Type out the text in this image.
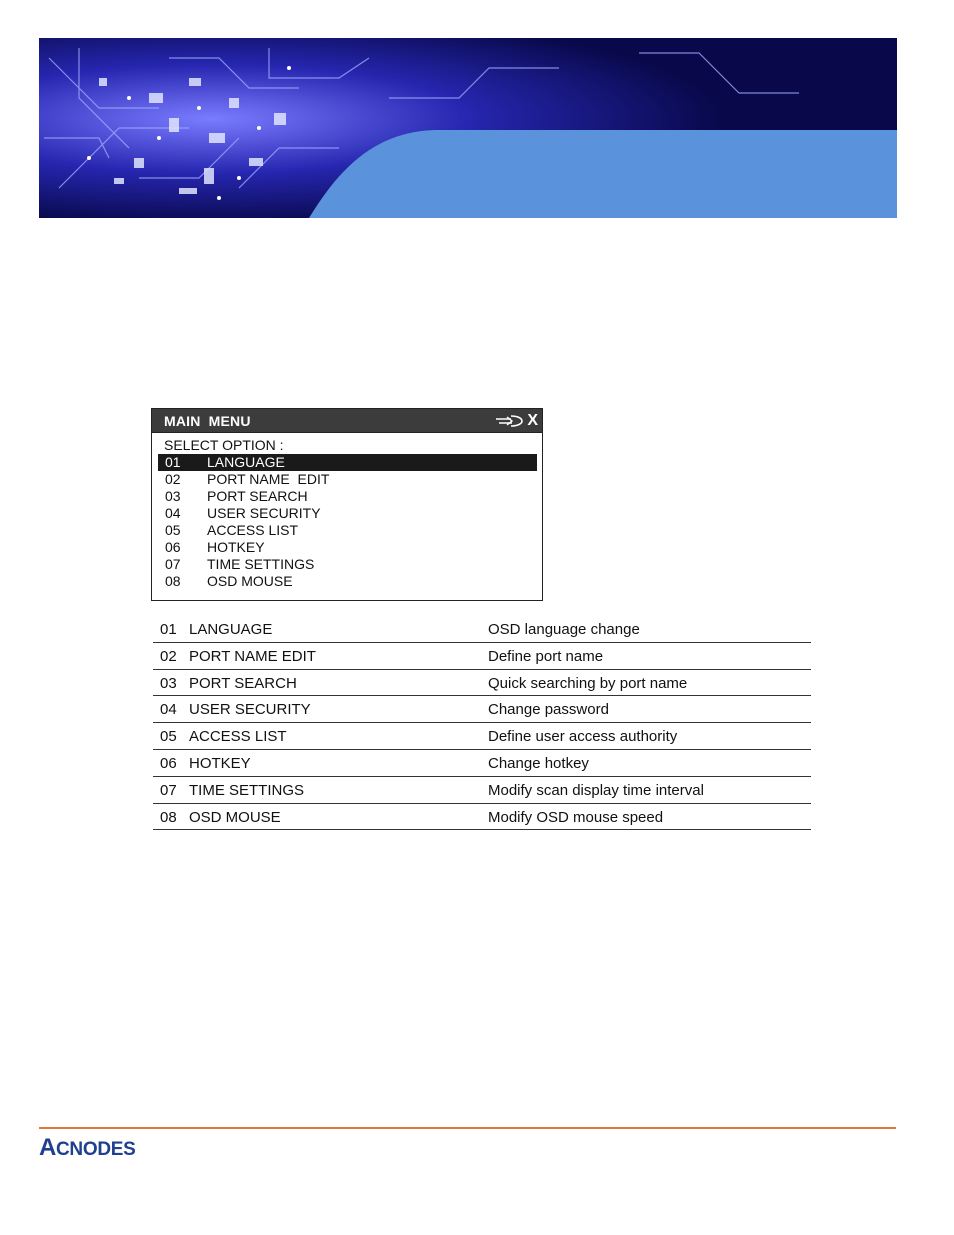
MAIN MENU	X
SELECT OPTION :
01 LANGUAGE
02 PORT NAME  EDIT
03 PORT SEARCH
04 USER SECURITY
05 ACCESS LIST
06 HOTKEY
07 TIME SETTINGS
08 OSD MOUSE
01 LANGUAGE	OSD language change
02 PORT NAME EDIT	Define port name
03 PORT SEARCH	Quick searching by port name
04 USER SECURITY	Change password
05 ACCESS LIST	Define user access authority
06 HOTKEY	Change hotkey
07 TIME SETTINGS	Modify scan display time interval
08 OSD MOUSE	Modify OSD mouse speed
A CNODES
